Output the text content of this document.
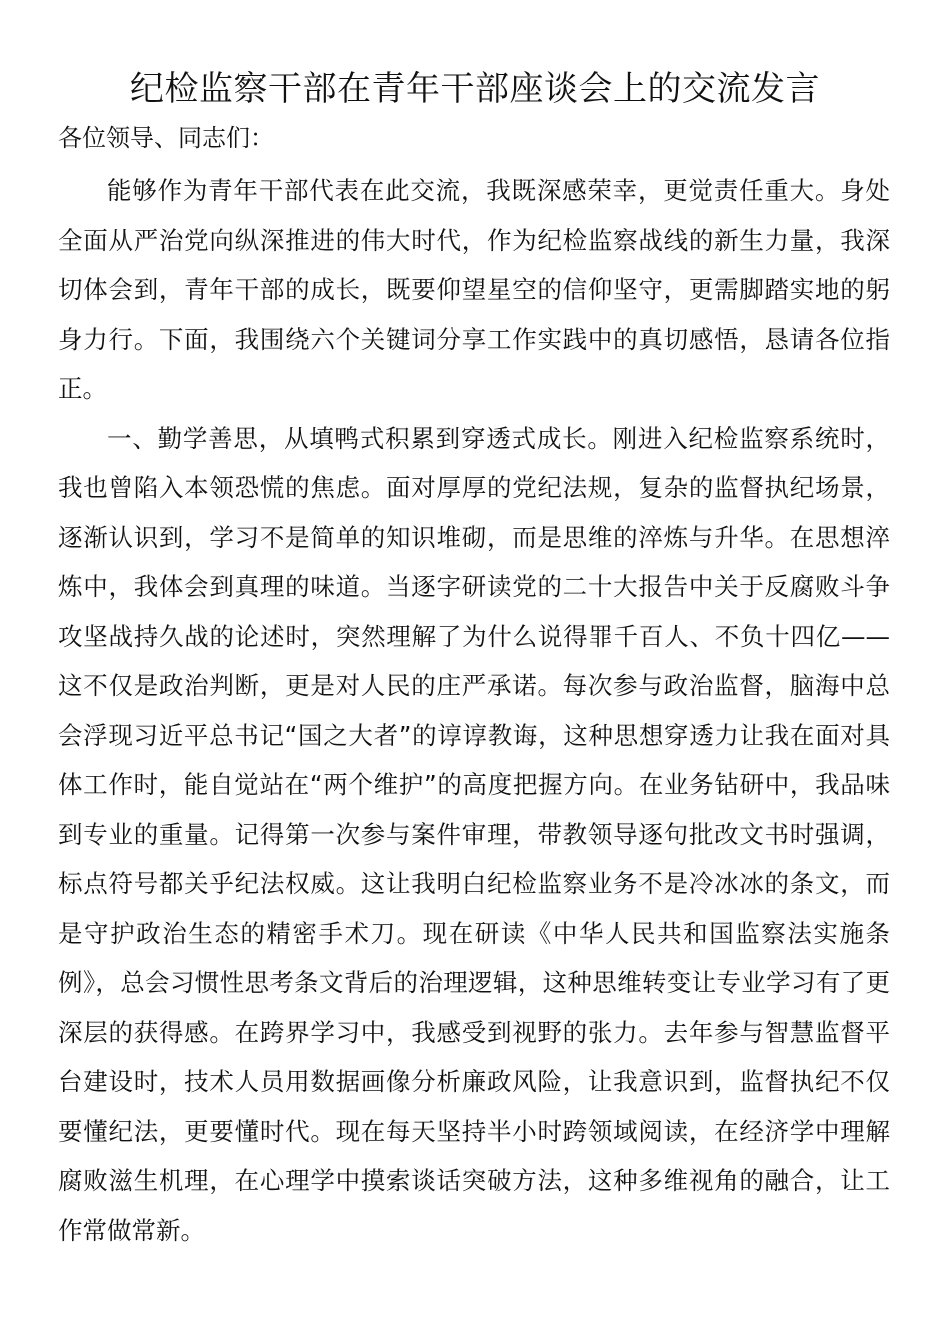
纪检监察干部在青年干部座谈会上的交流发言

各位领导、同志们：

能够作为青年干部代表在此交流，我既深感荣幸，更觉责任重大。身处全面从严治党向纵深推进的伟大时代，作为纪检监察战线的新生力量，我深切体会到，青年干部的成长，既要仰望星空的信仰坚守，更需脚踏实地的躬身力行。下面，我围绕六个关键词分享工作实践中的真切感悟，恳请各位指正。

一、勤学善思，从填鸭式积累到穿透式成长。刚进入纪检监察系统时，我也曾陷入本领恐慌的焦虑。面对厚厚的党纪法规，复杂的监督执纪场景，逐渐认识到，学习不是简单的知识堆砌，而是思维的淬炼与升华。在思想淬炼中，我体会到真理的味道。当逐字研读党的二十大报告中关于反腐败斗争攻坚战持久战的论述时，突然理解了为什么说得罪千百人、不负十四亿——这不仅是政治判断，更是对人民的庄严承诺。每次参与政治监督，脑海中总会浮现习近平总书记“国之大者”的谆谆教诲，这种思想穿透力让我在面对具体工作时，能自觉站在“两个维护”的高度把握方向。在业务钻研中，我品味到专业的重量。记得第一次参与案件审理，带教领导逐句批改文书时强调，标点符号都关乎纪法权威。这让我明白纪检监察业务不是冷冰冰的条文，而是守护政治生态的精密手术刀。现在研读《中华人民共和国监察法实施条例》，总会习惯性思考条文背后的治理逻辑，这种思维转变让专业学习有了更深层的获得感。在跨界学习中，我感受到视野的张力。去年参与智慧监督平台建设时，技术人员用数据画像分析廉政风险，让我意识到，监督执纪不仅要懂纪法，更要懂时代。现在每天坚持半小时跨领域阅读，在经济学中理解腐败滋生机理，在心理学中摸索谈话突破方法，这种多维视角的融合，让工作常做常新。
